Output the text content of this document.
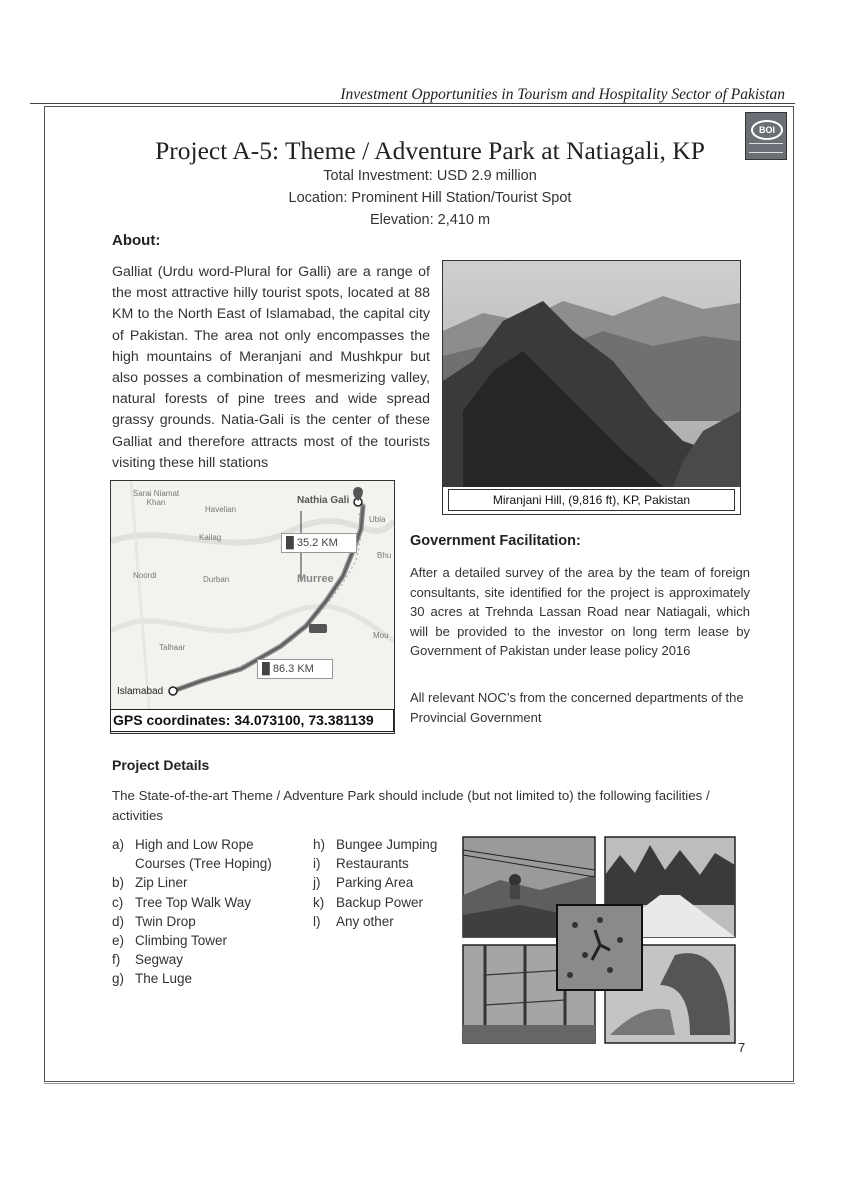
Investment Opportunities in Tourism and Hospitality Sector of Pakistan
BOI
Project A-5: Theme / Adventure Park at Natiagali, KP
Total Investment: USD 2.9 million
Location: Prominent Hill Station/Tourist Spot
Elevation: 2,410 m
About:
Galliat (Urdu word-Plural for Galli) are a range of the most attractive hilly tourist spots, located at 88 KM to the North East of Islamabad, the capital city of Pakistan. The area not only encompasses the high mountains of Meranjani and Mushkpur but also posses a combination of mesmerizing valley, natural forests of pine trees and wide spread grassy grounds. Natia-Gali is the center of these Galliat and therefore attracts most of the tourists visiting these hill stations
Miranjani Hill, (9,816 ft), KP, Pakistan
Sarai Niamat Khan
Havelian
Nathia Gali
Kailag
Noordi	Durban	Murree
Talhaar
Islamabad
Ubla
Bhu
Mou
█ 35.2 KM
█ 86.3 KM
GPS coordinates: 34.073100, 73.381139
Government Facilitation:
After a detailed survey of the area by the team of foreign consultants, site identified for the project is approximately 30 acres at Trehnda Lassan Road near Natiagali, which will be provided to the investor on long term lease by Government of Pakistan under lease policy 2016
All relevant NOC’s from the concerned departments of the Provincial Government
Project Details
The State-of-the-art Theme / Adventure Park should include (but not limited to) the following facilities / activities
a) High and Low Rope Courses (Tree Hoping)
b) Zip Liner
c) Tree Top Walk Way
d) Twin Drop
e) Climbing Tower
f) Segway
g) The Luge
h) Bungee Jumping
i) Restaurants
j) Parking Area
k) Backup Power
l) Any other
7
